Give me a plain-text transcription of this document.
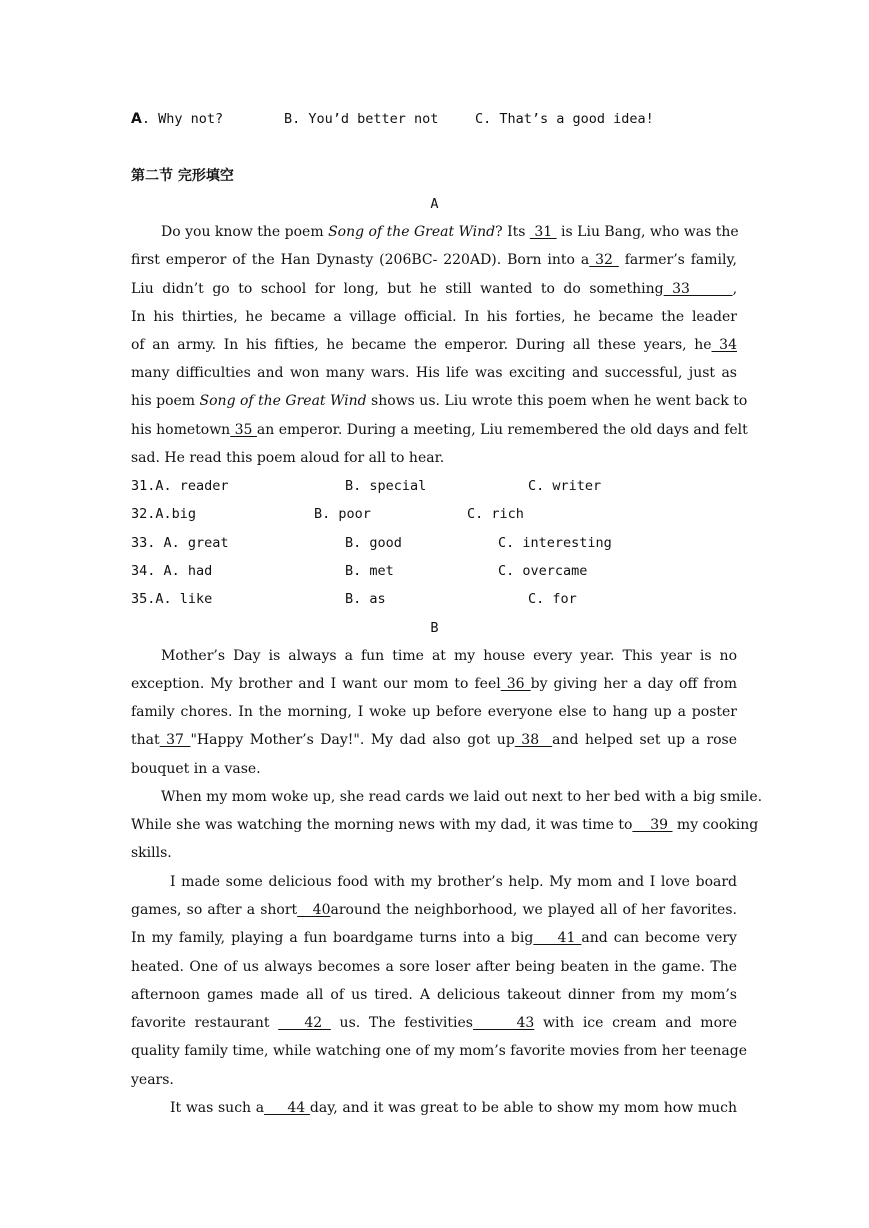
A. Why not?	B. You’d better not	C. That’s a good idea!
第二节 完形填空
A
Do you know the poem Song of the Great Wind? Its  31  is Liu Bang, who was the
first emperor of the Han Dynasty (206BC- 220AD). Born into a 32  farmer’s family,
Liu didn’t go to school for long, but he still wanted to do something 33     ,
In his thirties, he became a village official. In his forties, he became the leader
of an army. In his fifties, he became the emperor. During all these years, he 34
many difficulties and won many wars. His life was exciting and successful, just as
his poem Song of the Great Wind shows us. Liu wrote this poem when he went back to
his hometown 35 an emperor. During a meeting, Liu remembered the old days and felt
sad. He read this poem aloud for all to hear.
31.A. reader	B. special	C. writer
32.A.big	B. poor	C. rich
33. A. great	B. good	C. interesting
34. A. had	B. met	C. overcame
35.A. like	B. as	C. for
B
Mother’s Day is always a fun time at my house every year. This year is no
exception. My brother and I want our mom to feel 36 by giving her a day off from
family chores. In the morning, I woke up before everyone else to hang up a poster
that 37 "Happy Mother’s Day!". My dad also got up 38  and helped set up a rose
bouquet in a vase.
When my mom woke up, she read cards we laid out next to her bed with a big smile.
While she was watching the morning news with my dad, it was time to    39  my cooking
skills.
I made some delicious food with my brother’s help. My mom and I love board
games, so after a short   40around the neighborhood, we played all of her favorites.
In my family, playing a fun boardgame turns into a big    41 and can become very
heated. One of us always becomes a sore loser after being beaten in the game. The
afternoon games made all of us tired. A delicious takeout dinner from my mom’s
favorite restaurant    42  us. The festivities     43 with ice cream and more
quality family time, while watching one of my mom’s favorite movies from her teenage
years.
It was such a     44 day, and it was great to be able to show my mom how much
